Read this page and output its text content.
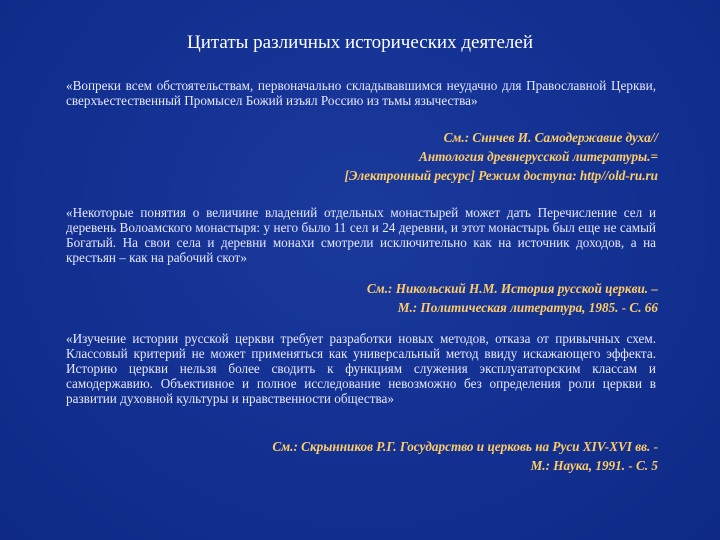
Цитаты различных исторических деятелей
«Вопреки всем обстоятельствам, первоначально складывавшимся неудачно для Православной Церкви, сверхъестественный Промысел Божий изъял Россию из тьмы язычества»
См.: Сннчев И. Самодержавие духа//
Антология древнерусской литературы.=
[Электронный ресурс] Режим доступа: http//old-ru.ru
«Некоторые понятия о величине владений отдельных монастырей может дать Перечисление сел и деревень Волоамского монастыря: у него было 11 сел и 24 деревни, и этот монастырь был еще не самый Богатый. На свои села и деревни монахи смотрели исключительно как на источник доходов, а на крестьян – как на рабочий скот»
См.: Никольский Н.М. История русской церкви. –
М.: Политическая литература, 1985. - С. 66
«Изучение истории русской церкви требует разработки новых методов, отказа от привычных схем. Классовый критерий не может применяться как универсальный метод ввиду искажающего эффекта. Историю церкви нельзя более сводить к функциям служения эксплуататорским классам и самодержавию. Объективное и полное исследование невозможно без определения роли церкви в развитии духовной культуры и нравственности общества»
См.: Скрынников Р.Г. Государство и церковь на Руси XIV-XVI вв. -
М.: Наука, 1991. - С. 5
